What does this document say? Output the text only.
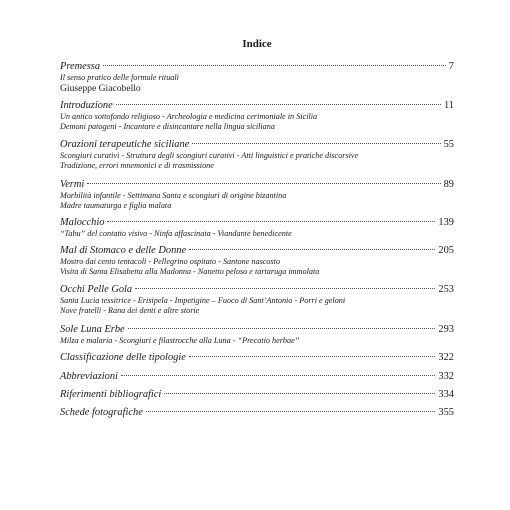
Indice
Premessa	7
Il senso pratico delle formule rituali
Giuseppe Giacobello
Introduzione	11
Un antico sottofondo religioso - Archeologia e medicina cerimoniale in Sicilia
Demoni patogeni - Incantare e disincantare nella lingua siciliana
Orazioni terapeutiche siciliane	55
Scongiuri curativi - Struttura degli scongiuri curativi - Atti linguistici e pratiche discorsive
Tradizione, errori mnemonici e di trasmissione
Vermi	89
Morbilità infantile - Settimana Santa e scongiuri di origine bizantina
Madre taumaturga e figlia malata
Malocchio	139
“Tabu” del contatto visivo - Ninfa affascinata - Viandante benedicente
Mal di Stomaco e delle Donne	205
Mostro dai cento tentacoli - Pellegrino ospitato - Santone nascosto
Visita di Santa Elisabetta alla Madonna - Nanetto peloso e tartaruga immolata
Occhi Pelle Gola	253
Santa Lucia tessitrice - Erisipela - Impetigine – Fuoco di Sant’Antonio - Porri e geloni
Nove fratelli - Rana dei denti e altre storie
Sole Luna Erbe	293
Milza e malaria - Scongiuri e filastrocche alla Luna - “Precatio herbae”
Classificazione delle tipologie	322
Abbreviazioni	332
Riferimenti bibliografici	334
Schede fotografiche	355
